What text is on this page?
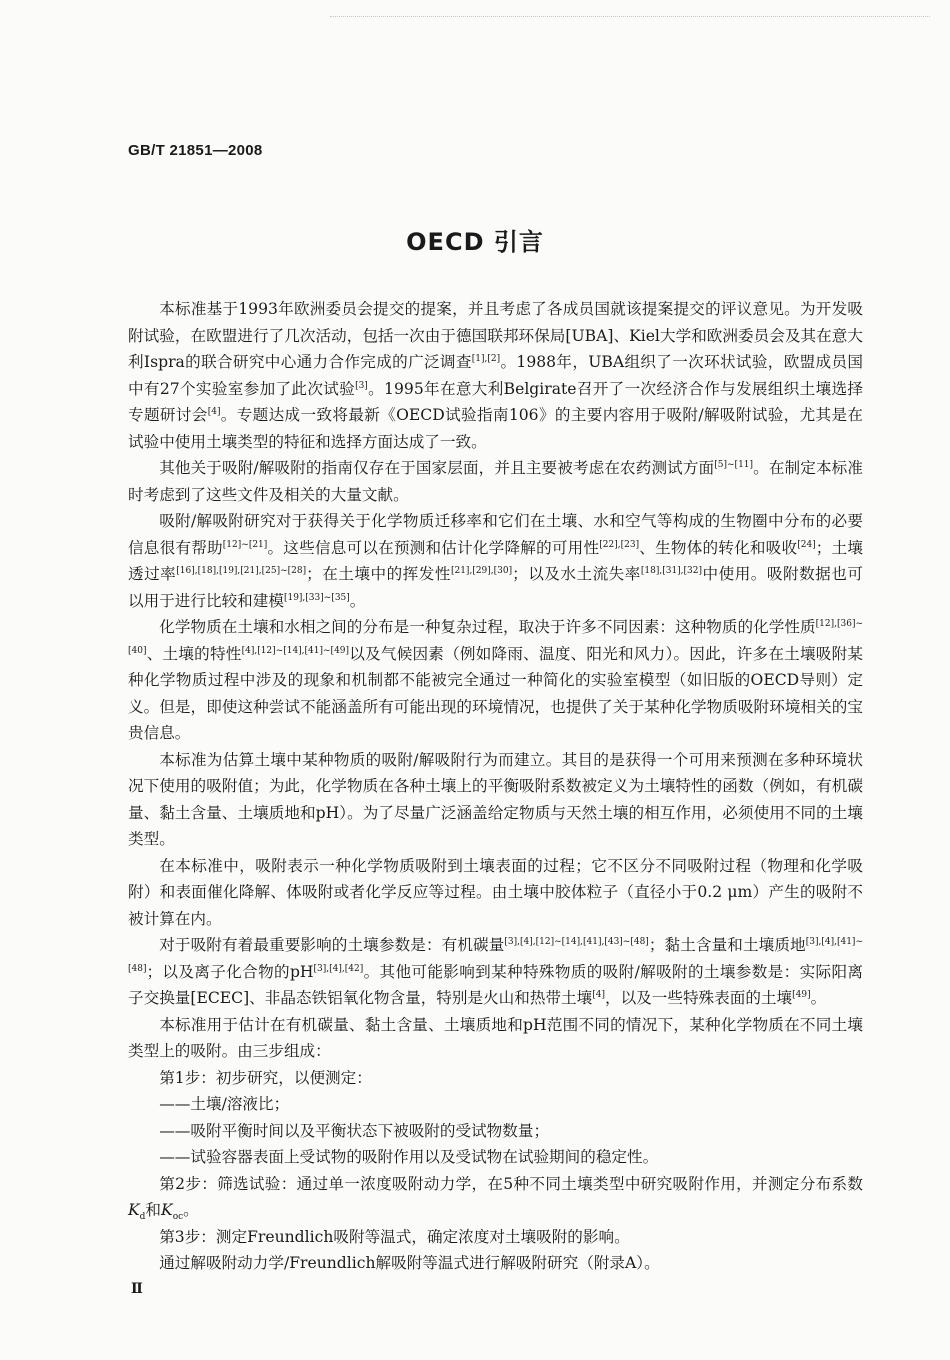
GB/T 21851—2008
OECD 引言

本标准基于1993年欧洲委员会提交的提案，并且考虑了各成员国就该提案提交的评议意见。为开发吸附试验，在欧盟进行了几次活动，包括一次由于德国联邦环保局[UBA]、Kiel大学和欧洲委员会及其在意大利Ispra的联合研究中心通力合作完成的广泛调查[1],[2]。1988年，UBA组织了一次环状试验，欧盟成员国中有27个实验室参加了此次试验[3]。1995年在意大利Belgirate召开了一次经济合作与发展组织土壤选择专题研讨会[4]。专题达成一致将最新《OECD试验指南106》的主要内容用于吸附/解吸附试验，尤其是在试验中使用土壤类型的特征和选择方面达成了一致。

其他关于吸附/解吸附的指南仅存在于国家层面，并且主要被考虑在农药测试方面[5]~[11]。在制定本标准时考虑到了这些文件及相关的大量文献。

吸附/解吸附研究对于获得关于化学物质迁移率和它们在土壤、水和空气等构成的生物圈中分布的必要信息很有帮助[12]~[21]。这些信息可以在预测和估计化学降解的可用性[22],[23]、生物体的转化和吸收[24]；土壤透过率[16],[18],[19],[21],[25]~[28]；在土壤中的挥发性[21],[29],[30]；以及水土流失率[18],[31],[32]中使用。吸附数据也可以用于进行比较和建模[19],[33]~[35]。

化学物质在土壤和水相之间的分布是一种复杂过程，取决于许多不同因素：这种物质的化学性质[12],[36]~[40]、土壤的特性[4],[12]~[14],[41]~[49]以及气候因素（例如降雨、温度、阳光和风力）。因此，许多在土壤吸附某种化学物质过程中涉及的现象和机制都不能被完全通过一种简化的实验室模型（如旧版的OECD导则）定义。但是，即使这种尝试不能涵盖所有可能出现的环境情况，也提供了关于某种化学物质吸附环境相关的宝贵信息。

本标准为估算土壤中某种物质的吸附/解吸附行为而建立。其目的是获得一个可用来预测在多种环境状况下使用的吸附值；为此，化学物质在各种土壤上的平衡吸附系数被定义为土壤特性的函数（例如，有机碳量、黏土含量、土壤质地和pH）。为了尽量广泛涵盖给定物质与天然土壤的相互作用，必须使用不同的土壤类型。

在本标准中，吸附表示一种化学物质吸附到土壤表面的过程；它不区分不同吸附过程（物理和化学吸附）和表面催化降解、体吸附或者化学反应等过程。由土壤中胶体粒子（直径小于0.2 μm）产生的吸附不被计算在内。

对于吸附有着最重要影响的土壤参数是：有机碳量[3],[4],[12]~[14],[41],[43]~[48]；黏土含量和土壤质地[3],[4],[41]~[48]；以及离子化合物的pH[3],[4],[42]。其他可能影响到某种特殊物质的吸附/解吸附的土壤参数是：实际阳离子交换量[ECEC]、非晶态铁铝氧化物含量，特别是火山和热带土壤[4]，以及一些特殊表面的土壤[49]。

本标准用于估计在有机碳量、黏土含量、土壤质地和pH范围不同的情况下，某种化学物质在不同土壤类型上的吸附。由三步组成：

第1步：初步研究，以便测定：

——土壤/溶液比；

——吸附平衡时间以及平衡状态下被吸附的受试物数量；

——试验容器表面上受试物的吸附作用以及受试物在试验期间的稳定性。

第2步：筛选试验：通过单一浓度吸附动力学，在5种不同土壤类型中研究吸附作用，并测定分布系数$K_d$和$K_{oc}$。

第3步：测定Freundlich吸附等温式，确定浓度对土壤吸附的影响。

通过解吸附动力学/Freundlich解吸附等温式进行解吸附研究（附录A）。

Ⅱ
